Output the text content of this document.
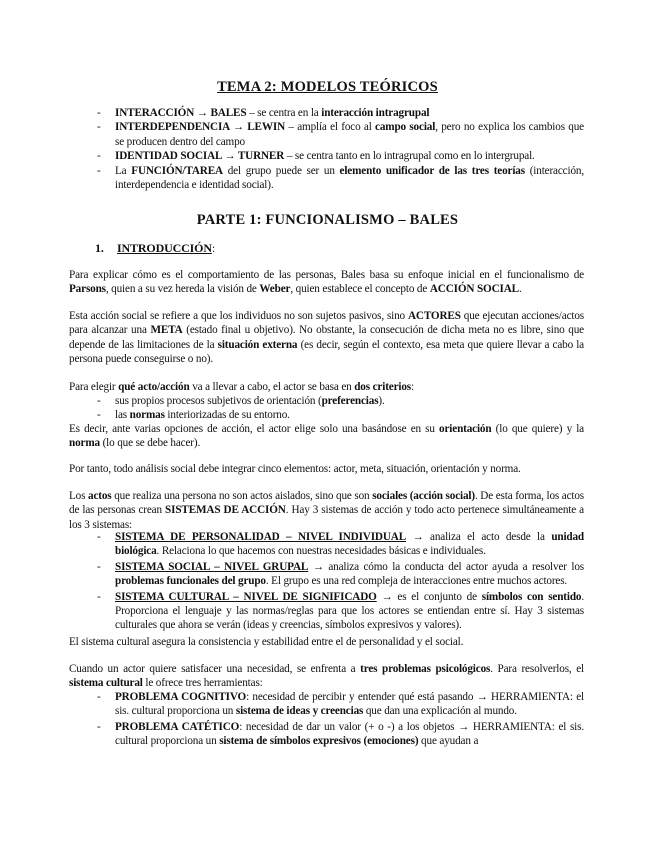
TEMA 2: MODELOS TEÓRICOS
- INTERACCIÓN → BALES – se centra en la interacción intragrupal
- INTERDEPENDENCIA → LEWIN – amplía el foco al campo social, pero no explica los cambios que se producen dentro del campo
- IDENTIDAD SOCIAL → TURNER – se centra tanto en lo intragrupal como en lo intergrupal.
- La FUNCIÓN/TAREA del grupo puede ser un elemento unificador de las tres teorías (interacción, interdependencia e identidad social).
PARTE 1: FUNCIONALISMO – BALES
1. INTRODUCCIÓN:

Para explicar cómo es el comportamiento de las personas, Bales basa su enfoque inicial en el funcionalismo de Parsons, quien a su vez hereda la visión de Weber, quien establece el concepto de ACCIÓN SOCIAL.

Esta acción social se refiere a que los individuos no son sujetos pasivos, sino ACTORES que ejecutan acciones/actos para alcanzar una META (estado final u objetivo). No obstante, la consecución de dicha meta no es libre, sino que depende de las limitaciones de la situación externa (es decir, según el contexto, esa meta que quiere llevar a cabo la persona puede conseguirse o no).

Para elegir qué acto/acción va a llevar a cabo, el actor se basa en dos criterios:

- sus propios procesos subjetivos de orientación (preferencias).
- las normas interiorizadas de su entorno.

Es decir, ante varias opciones de acción, el actor elige solo una basándose en su orientación (lo que quiere) y la norma (lo que se debe hacer).

Por tanto, todo análisis social debe integrar cinco elementos: actor, meta, situación, orientación y norma.

Los actos que realiza una persona no son actos aislados, sino que son sociales (acción social). De esta forma, los actos de las personas crean SISTEMAS DE ACCIÓN. Hay 3 sistemas de acción y todo acto pertenece simultáneamente a los 3 sistemas:

- SISTEMA DE PERSONALIDAD – NIVEL INDIVIDUAL → analiza el acto desde la unidad biológica. Relaciona lo que hacemos con nuestras necesidades básicas e individuales.
- SISTEMA SOCIAL – NIVEL GRUPAL → analiza cómo la conducta del actor ayuda a resolver los problemas funcionales del grupo. El grupo es una red compleja de interacciones entre muchos actores.
- SISTEMA CULTURAL – NIVEL DE SIGNIFICADO → es el conjunto de símbolos con sentido. Proporciona el lenguaje y las normas/reglas para que los actores se entiendan entre sí. Hay 3 sistemas culturales que ahora se verán (ideas y creencias, símbolos expresivos y valores).

El sistema cultural asegura la consistencia y estabilidad entre el de personalidad y el social.

Cuando un actor quiere satisfacer una necesidad, se enfrenta a tres problemas psicológicos. Para resolverlos, el sistema cultural le ofrece tres herramientas:

- PROBLEMA COGNITIVO: necesidad de percibir y entender qué está pasando → HERRAMIENTA: el sis. cultural proporciona un sistema de ideas y creencias que dan una explicación al mundo.
- PROBLEMA CATÉTICO: necesidad de dar un valor (+ o -) a los objetos → HERRAMIENTA: el sis. cultural proporciona un sistema de símbolos expresivos (emociones) que ayudan a
